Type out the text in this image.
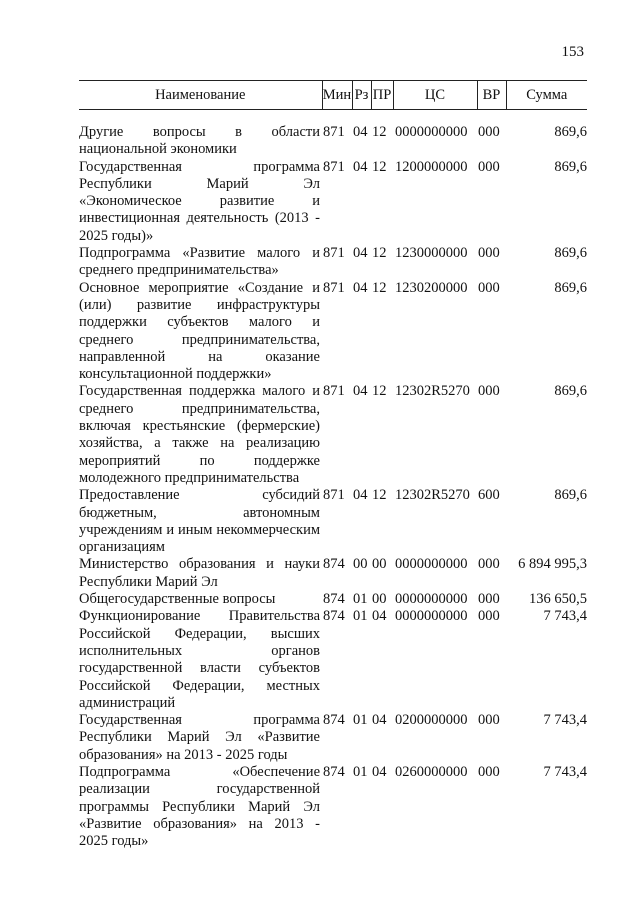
153
Наименование	Мин	Рз	ПР	ЦС	ВР	Сумма

Другие вопросы в области национальной экономики	871	04	12	0000000000	000	869,6
Государственная программа Республики Марий Эл «Экономическое развитие и инвестиционная деятельность (2013 - 2025 годы)»	871	04	12	1200000000	000	869,6
Подпрограмма «Развитие малого и среднего предпринимательства»	871	04	12	1230000000	000	869,6
Основное мероприятие «Создание и (или) развитие инфраструктуры поддержки субъектов малого и среднего предпринимательства, направленной на оказание консультационной поддержки»	871	04	12	1230200000	000	869,6
Государственная поддержка малого и среднего предпринимательства, включая крестьянские (фермерские) хозяйства, а также на реализацию мероприятий по поддержке молодежного предпринимательства	871	04	12	12302R5270	000	869,6
Предоставление субсидий бюджетным, автономным учреждениям и иным некоммерческим организациям	871	04	12	12302R5270	600	869,6
Министерство образования и науки Республики Марий Эл	874	00	00	0000000000	000	6 894 995,3
Общегосударственные вопросы	874	01	00	0000000000	000	136 650,5
Функционирование Правительства Российской Федерации, высших исполнительных органов государственной власти субъектов Российской Федерации, местных администраций	874	01	04	0000000000	000	7 743,4
Государственная программа Республики Марий Эл «Развитие образования» на 2013 - 2025 годы	874	01	04	0200000000	000	7 743,4
Подпрограмма «Обеспечение реализации государственной программы Республики Марий Эл «Развитие образования» на 2013 - 2025 годы»	874	01	04	0260000000	000	7 743,4
